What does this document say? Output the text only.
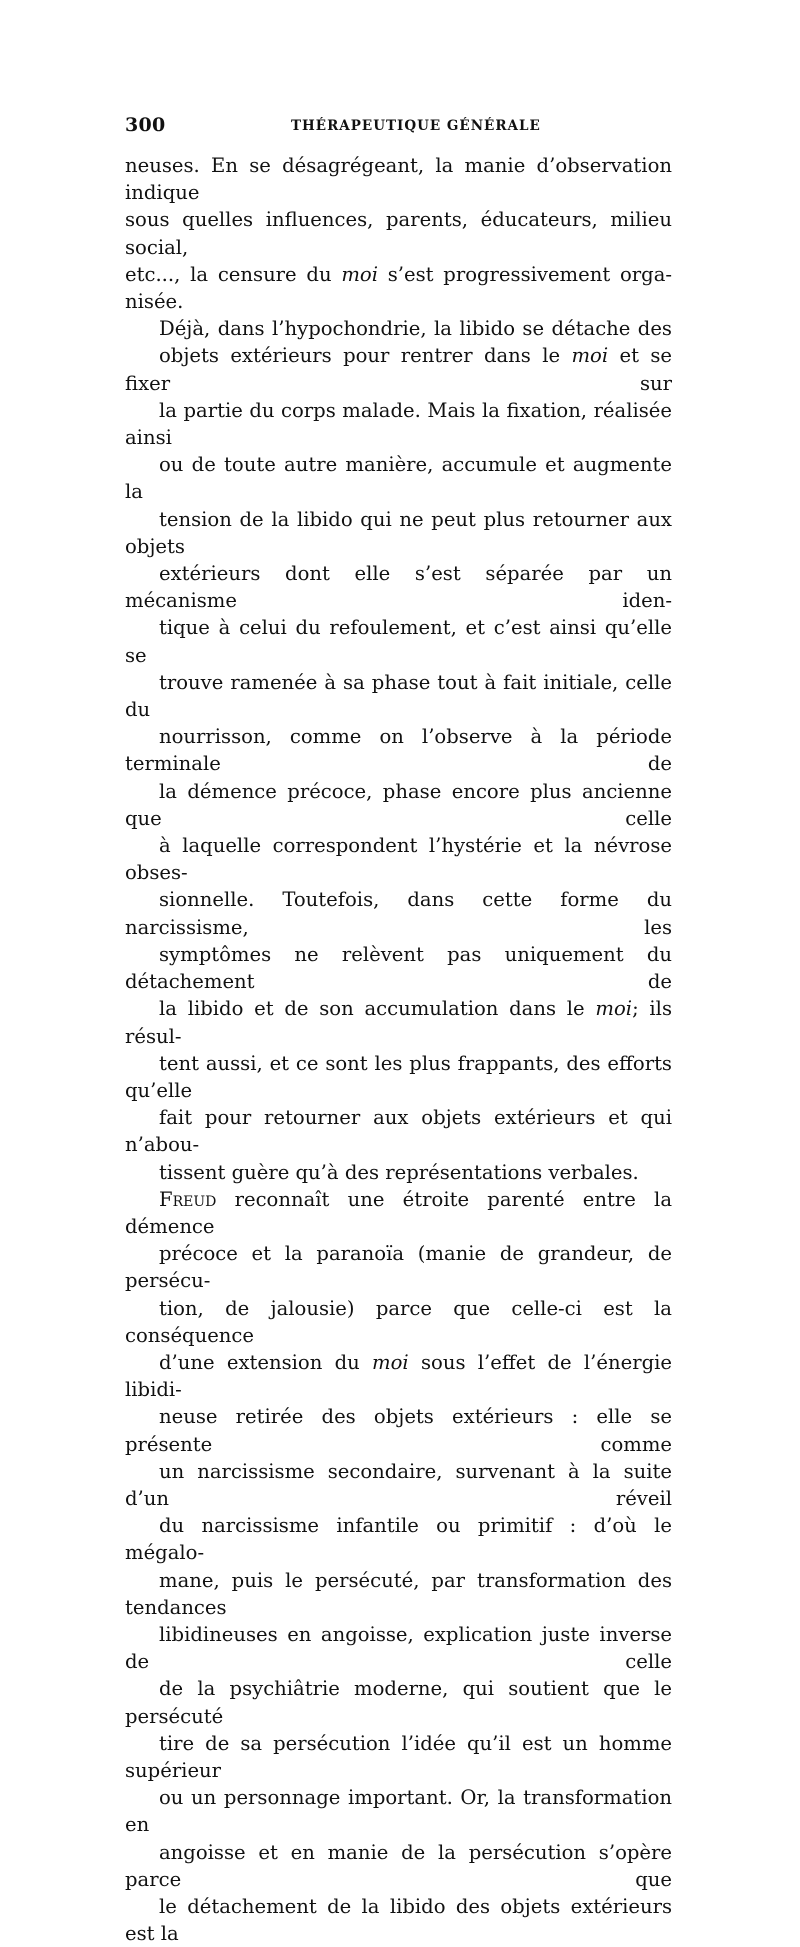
300	THÉRAPEUTIQUE GÉNÉRALE

neuses. En se désagrégeant, la manie d’observation indique
sous quelles influences, parents, éducateurs, milieu social,
etc..., la censure du moi s’est progressivement orga-
nisée.

Déjà, dans l’hypochondrie, la libido se détache des
objets extérieurs pour rentrer dans le moi et se fixer sur
la partie du corps malade. Mais la fixation, réalisée ainsi
ou de toute autre manière, accumule et augmente la
tension de la libido qui ne peut plus retourner aux objets
extérieurs dont elle s’est séparée par un mécanisme iden-
tique à celui du refoulement, et c’est ainsi qu’elle se
trouve ramenée à sa phase tout à fait initiale, celle du
nourrisson, comme on l’observe à la période terminale de
la démence précoce, phase encore plus ancienne que celle
à laquelle correspondent l’hystérie et la névrose obses-
sionnelle. Toutefois, dans cette forme du narcissisme, les
symptômes ne relèvent pas uniquement du détachement de
la libido et de son accumulation dans le moi; ils résul-
tent aussi, et ce sont les plus frappants, des efforts qu’elle
fait pour retourner aux objets extérieurs et qui n’abou-
tissent guère qu’à des représentations verbales.

Freud reconnaît une étroite parenté entre la démence
précoce et la paranoïa (manie de grandeur, de persécu-
tion, de jalousie) parce que celle-ci est la conséquence
d’une extension du moi sous l’effet de l’énergie libidi-
neuse retirée des objets extérieurs : elle se présente comme
un narcissisme secondaire, survenant à la suite d’un réveil
du narcissisme infantile ou primitif : d’où le mégalo-
mane, puis le persécuté, par transformation des tendances
libidineuses en angoisse, explication juste inverse de celle
de la psychiâtrie moderne, qui soutient que le persécuté
tire de sa persécution l’idée qu’il est un homme supérieur
ou un personnage important. Or, la transformation en
angoisse et en manie de la persécution s’opère parce que
le détachement de la libido des objets extérieurs est la
